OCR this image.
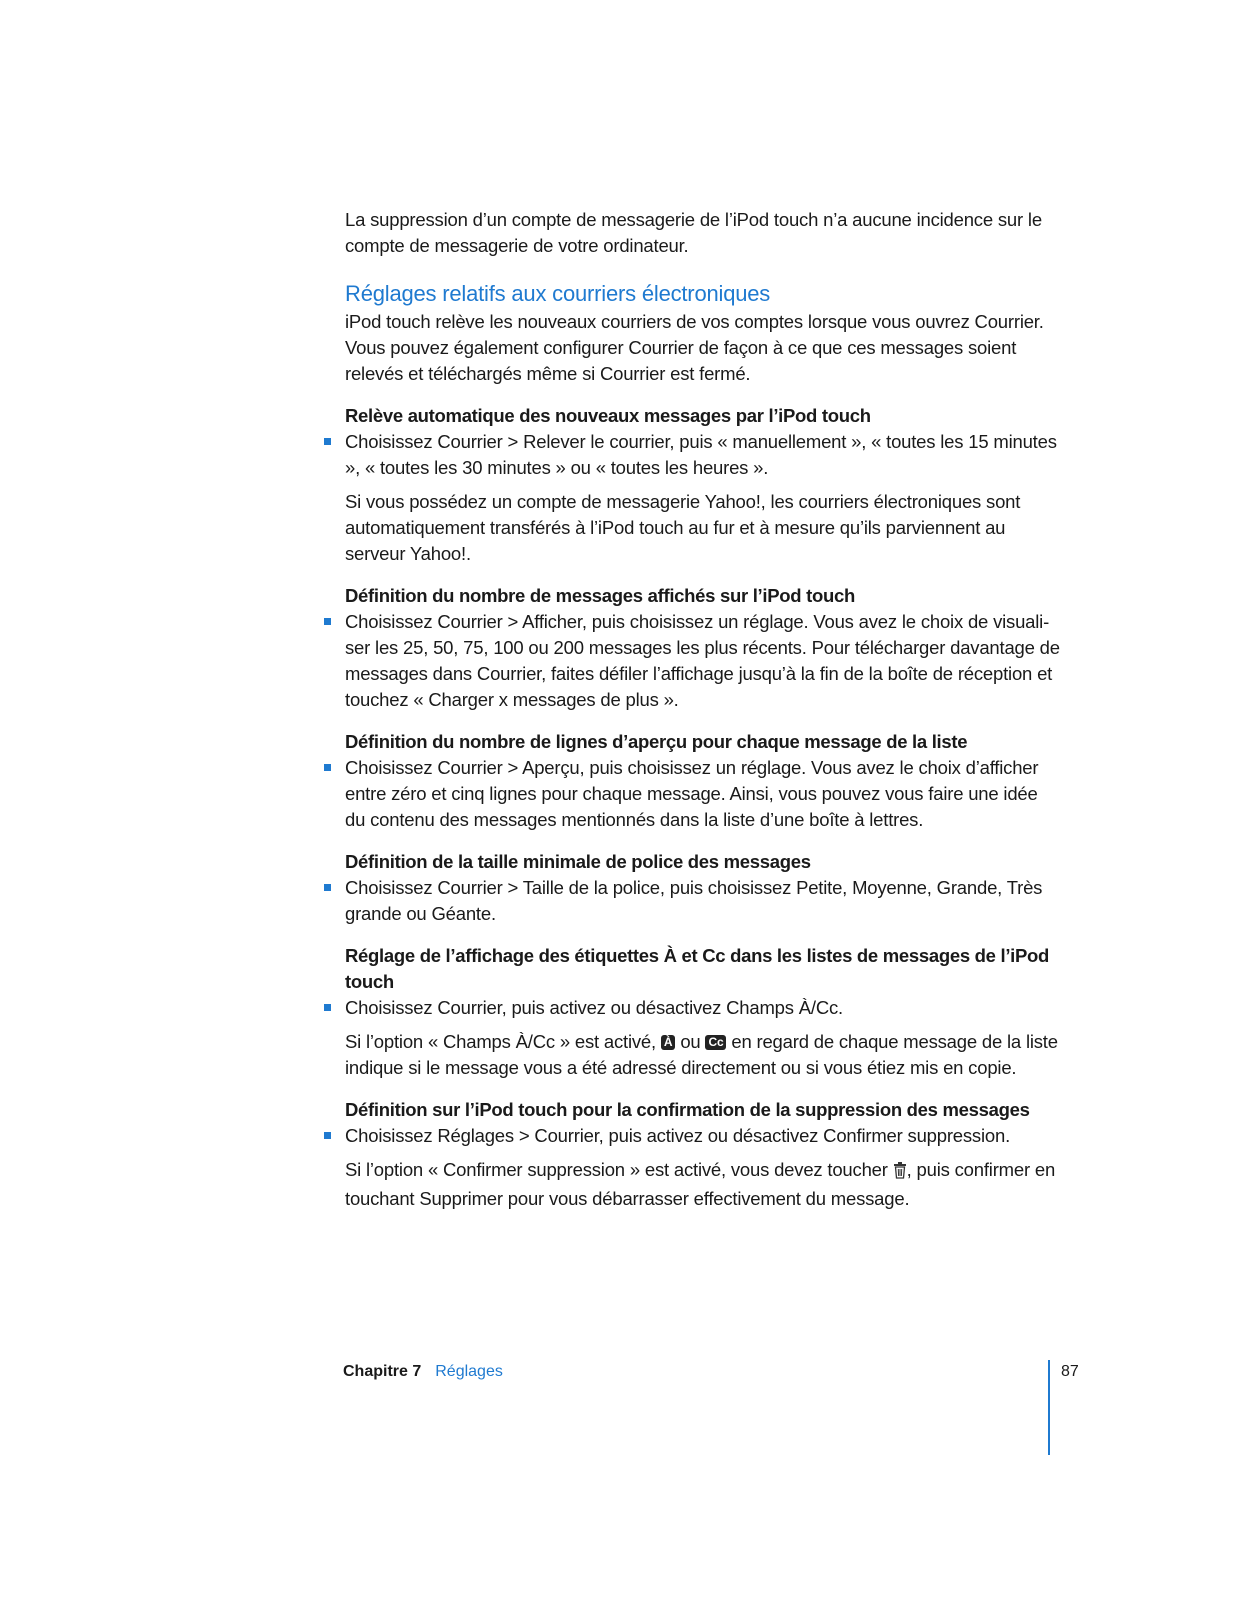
La suppression d’un compte de messagerie de l’iPod touch n’a aucune incidence sur le compte de messagerie de votre ordinateur.

Réglages relatifs aux courriers électroniques

iPod touch relève les nouveaux courriers de vos comptes lorsque vous ouvrez Courrier. Vous pouvez également configurer Courrier de façon à ce que ces messages soient relevés et téléchargés même si Courrier est fermé.

Relève automatique des nouveaux messages par l’iPod touch

Choisissez Courrier > Relever le courrier, puis « manuellement », « toutes les 15 minutes », « toutes les 30 minutes » ou « toutes les heures ».

Si vous possédez un compte de messagerie Yahoo!, les courriers électroniques sont automatiquement transférés à l’iPod touch au fur et à mesure qu’ils parviennent au serveur Yahoo!.

Définition du nombre de messages affichés sur l’iPod touch

Choisissez Courrier > Afficher, puis choisissez un réglage. Vous avez le choix de visuali-ser les 25, 50, 75, 100 ou 200 messages les plus récents. Pour télécharger davantage de messages dans Courrier, faites défiler l’affichage jusqu’à la fin de la boîte de réception et touchez « Charger x messages de plus ».

Définition du nombre de lignes d’aperçu pour chaque message de la liste

Choisissez Courrier > Aperçu, puis choisissez un réglage. Vous avez le choix d’afficher entre zéro et cinq lignes pour chaque message. Ainsi, vous pouvez vous faire une idée du contenu des messages mentionnés dans la liste d’une boîte à lettres.

Définition de la taille minimale de police des messages

Choisissez Courrier > Taille de la police, puis choisissez Petite, Moyenne, Grande, Très grande ou Géante.

Réglage de l’affichage des étiquettes À et Cc dans les listes de messages de l’iPod touch

Choisissez Courrier, puis activez ou désactivez Champs À/Cc.

Si l’option « Champs À/Cc » est activé, À ou Cc en regard de chaque message de la liste indique si le message vous a été adressé directement ou si vous étiez mis en copie.

Définition sur l’iPod touch pour la confirmation de la suppression des messages

Choisissez Réglages > Courrier, puis activez ou désactivez Confirmer suppression.

Si l’option « Confirmer suppression » est activé, vous devez toucher , puis confirmer en touchant Supprimer pour vous débarrasser effectivement du message.

Chapitre 7 Réglages	87
